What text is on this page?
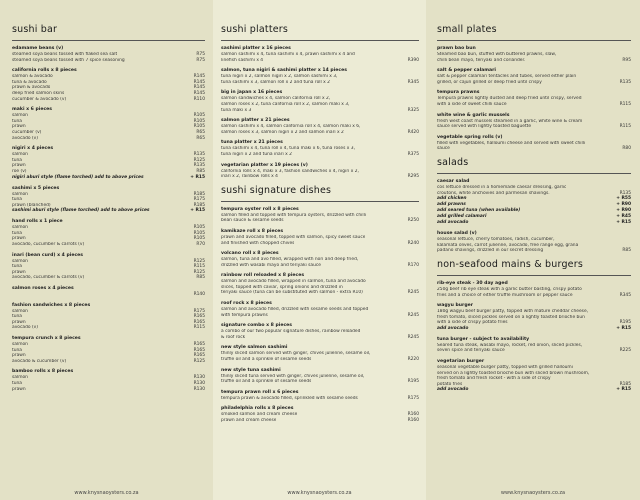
sushi bar
edamame beans (v)
steamed soya beans tossed with flaked sea salt	R75
steamed soya beans tossed with 7 spice seasoning	R75
california rolls x 8 pieces
salmon & avocado	R145
tuna & avocado	R145
prawn & avocado	R145
deep fried salmon skins	R145
cucumber & avocado (v)	R110
maki x 6 pieces
salmon	R105
tuna	R105
prawn	R105
cucumber (v)	R65
avocado (v)	R65
nigiri x 4 pieces
salmon	R135
tuna	R125
prawn	R135
roe (v)	R85
nigiri aburi style (flame torched) add to above prices	+ R15
sashimi x 5 pieces
salmon	R185
tuna	R175
prawn (blanched)	R185
sashimi aburi style (flame torched) add to above prices	+ R15
hand rolls x 1 piece
salmon	R105
tuna	R105
prawn	R105
avocado, cucumber & carrots (v)	R70
inari (bean curd) x 4 pieces
salmon	R125
tuna	R115
prawn	R125
avocado, cucumber & carrots (v)	R85
salmon roses x 4 pieces
R140
fashion sandwiches x 8 pieces
salmon	R175
tuna	R165
prawn	R165
avocado (v)	R115
tempura crunch x 8 pieces
salmon	R165
tuna	R165
prawn	R165
avocado & cucumber (v)	R125
bamboo rolls x 8 pieces
salmon	R130
tuna	R130
prawn	R130
www.knysnaoysters.co.za
sushi platters
sashimi platter x 16 pieces
salmon sashimi x 4, tuna sashimi x 4, prawn sashimi x 4 and
linefish sashimi x 4	R390
salmon, tuna nigiri & sashimi platter x 14 pieces
tuna nigiri x 2, salmon nigiri x 2, salmon sashimi x 3,
tuna sashimi x 3, salmon roll x 2 and tuna roll x 2	R345
big in japan x 16 pieces
salmon sandwiches x 4, salmon california roll x 2,
salmon roses x 2, tuna california roll x 2, salmon maki x 3,
tuna maki x 3	R325
salmon platter x 21 pieces
salmon sashimi x 4, salmon california roll x 4, salmon maki x 6,
salmon roses x 3, salmon nigiri x 2 and salmon inari x 2	R420
tuna platter x 21 pieces
tuna sashimi x 4, tuna roll x 4, tuna maki x 6, tuna roses x 3,
tuna nigiri x 2 and tuna inari x 2	R375
vegetarian platter x 19 pieces (v)
california rolls x 4, maki x 3, fashion sandwiches x 4, nigiri x 2,
inari x 2, rainbow rolls x 4	R295
sushi signature dishes
tempura oyster roll x 8 pieces
salmon filled and topped with tempura oysters, drizzled with chilli
bean sauce & sesame seeds	R250
kamikaze roll x 8 pieces
prawn and avocado filled, topped with salmon, spicy sweet sauce
and finished with chopped chives	R240
volcano roll x 8 pieces
salmon, tuna and avo filled, wrapped with nori and deep fried,
drizzled with wasabi mayo and teriyaki sauce	R170
rainbow roll reloaded x 8 pieces
salmon and avocado filled, wrapped in salmon, tuna and avocado
slices, topped with caviar, spring onions and drizzled in
teriyaki sauce (tuna can be substituted with salmon - extra R10)	R245
roof rock x 8 pieces
salmon and avocado filled, drizzled with sesame seeds and topped
with tempura prawns	R245
signature combo x 8 pieces
a combo of our two popular signature dishes, rainbow reloaded
& roof rock	R245
new style salmon sashimi
thinly sliced salmon served with ginger, chives julienne, sesame oil,
truffle oil and a sprinkle of sesame seeds	R220
new style tuna sashimi
thinly sliced tuna served with ginger, chives julienne, sesame oil,
truffle oil and a sprinkle of sesame seeds	R195
tempura prawn roll x 6 pieces
tempura prawn & avocado filled, sprinkled with sesame seeds	R175
philadelphia rolls x 8 pieces
smoked salmon and cream cheese	R160
prawn and cream cheese	R160
www.knysnaoysters.co.za
small plates
prawn bao bun
Steamed bao bun, stuffed with buttered prawns, slaw,
chilli bean mayo, teriyaki and coriander.	R95
salt & pepper calamari
salt & pepper calamari tentacles and tubes, served either plain
grilled, or cajun grilled or deep fried until crispy	R135
tempura prawns
Tempura prawns lightly dusted and deep fried until crispy, served
with a side of sweet chilli sauce	R115
white wine & garlic mussels
fresh west coast mussels steamed in a garlic, white wine & cream
sauce served with lightly toasted baguette	R115
vegetable spring rolls (v)
filled with vegetables, halloumi cheese and served with sweet chilli
sauce	R80
salads
caesar salad
cos lettuce dressed in a homemade caesar dressing, garlic
croutons, white anchovies and parmesan shavings.	R135
add chicken	+ R55
add prawns	+ R90
add seared tuna (when available)	+ R90
add grilled calamari	+ R45
add avocado	+ R15
house salad (v)
seasonal lettuce, cherry tomatoes, radish, cucumber,
kalamata olives, carrot julienne, avocado, free range egg, grana
padano shavings, drizzled in our secret dressing	R85
non-seafood mains & burgers
rib-eye steak - 30 day aged
250g beef rib eye steak with a garlic butter basting, crispy potato
fries and a choice of either truffle mushroom or pepper sauce	R345
wagyu burger
180g wagyu beef burger patty, topped with mature cheddar cheese,
fresh tomato, sliced pickles served on a lightly toasted brioche bun
with a side of crispy potato fries	R195
add avocado	+ R15
tuna burger - subject to availability
Seared tuna steak, wasabi mayo, rocket, red onion, sliced pickles,
seven spice and teriyaki sauce	R225
vegetarian burger
seasonal vegetable burger patty, topped with grilled halloumi
served on a lightly toasted brioche bun with sliced brown mushroom,
fresh tomato and fresh rocket - with a side of crispy
potato fries	R185
add avocado	+ R15
www.knysnaoysters.co.za
